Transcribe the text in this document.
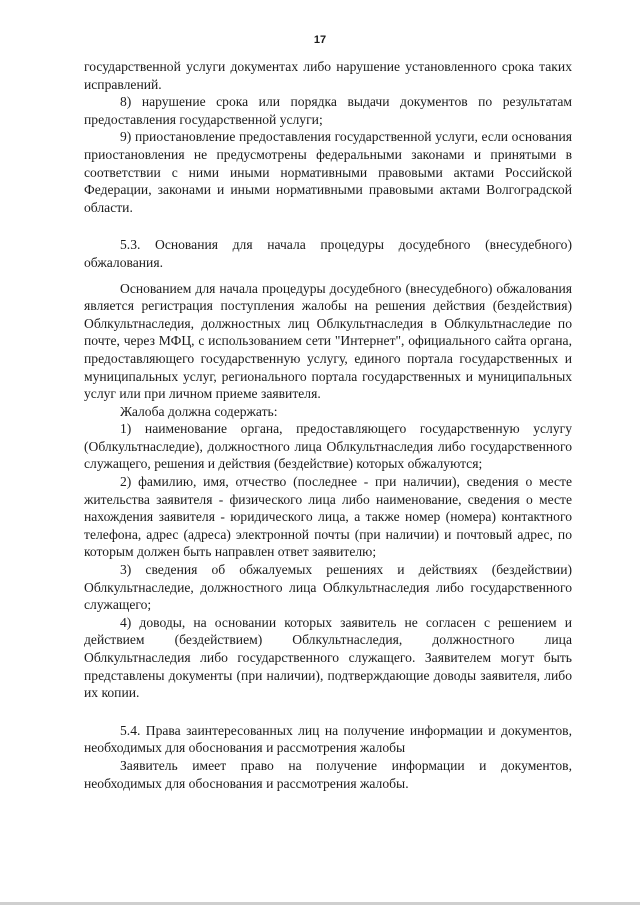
17

государственной услуги документах либо нарушение установленного срока таких исправлений.

8) нарушение срока или порядка выдачи документов по результатам предоставления государственной услуги;

9) приостановление предоставления государственной услуги, если основания приостановления не предусмотрены федеральными законами и принятыми в соответствии с ними иными нормативными правовыми актами Российской Федерации, законами и иными нормативными правовыми актами Волгоградской области.

5.3. Основания для начала процедуры досудебного (внесудебного) обжалования.

Основанием для начала процедуры досудебного (внесудебного) обжалования является регистрация поступления жалобы на решения действия (бездействия) Облкультнаследия, должностных лиц Облкультнаследия в Облкультнаследие по почте, через МФЦ, с использованием сети "Интернет", официального сайта органа, предоставляющего государственную услугу, единого портала государственных и муниципальных услуг, регионального портала государственных и муниципальных услуг или при личном приеме заявителя.

Жалоба должна содержать:

1) наименование органа, предоставляющего государственную услугу (Облкультнаследие), должностного лица Облкультнаследия либо государственного служащего, решения и действия (бездействие) которых обжалуются;

2) фамилию, имя, отчество (последнее - при наличии), сведения о месте жительства заявителя - физического лица либо наименование, сведения о месте нахождения заявителя - юридического лица, а также номер (номера) контактного телефона, адрес (адреса) электронной почты (при наличии) и почтовый адрес, по которым должен быть направлен ответ заявителю;

3) сведения об обжалуемых решениях и действиях (бездействии) Облкультнаследие, должностного лица Облкультнаследия либо государственного служащего;

4) доводы, на основании которых заявитель не согласен с решением и действием (бездействием) Облкультнаследия, должностного лица Облкультнаследия либо государственного служащего. Заявителем могут быть представлены документы (при наличии), подтверждающие доводы заявителя, либо их копии.

5.4. Права заинтересованных лиц на получение информации и документов, необходимых для обоснования и рассмотрения жалобы

Заявитель имеет право на получение информации и документов, необходимых для обоснования и рассмотрения жалобы.
